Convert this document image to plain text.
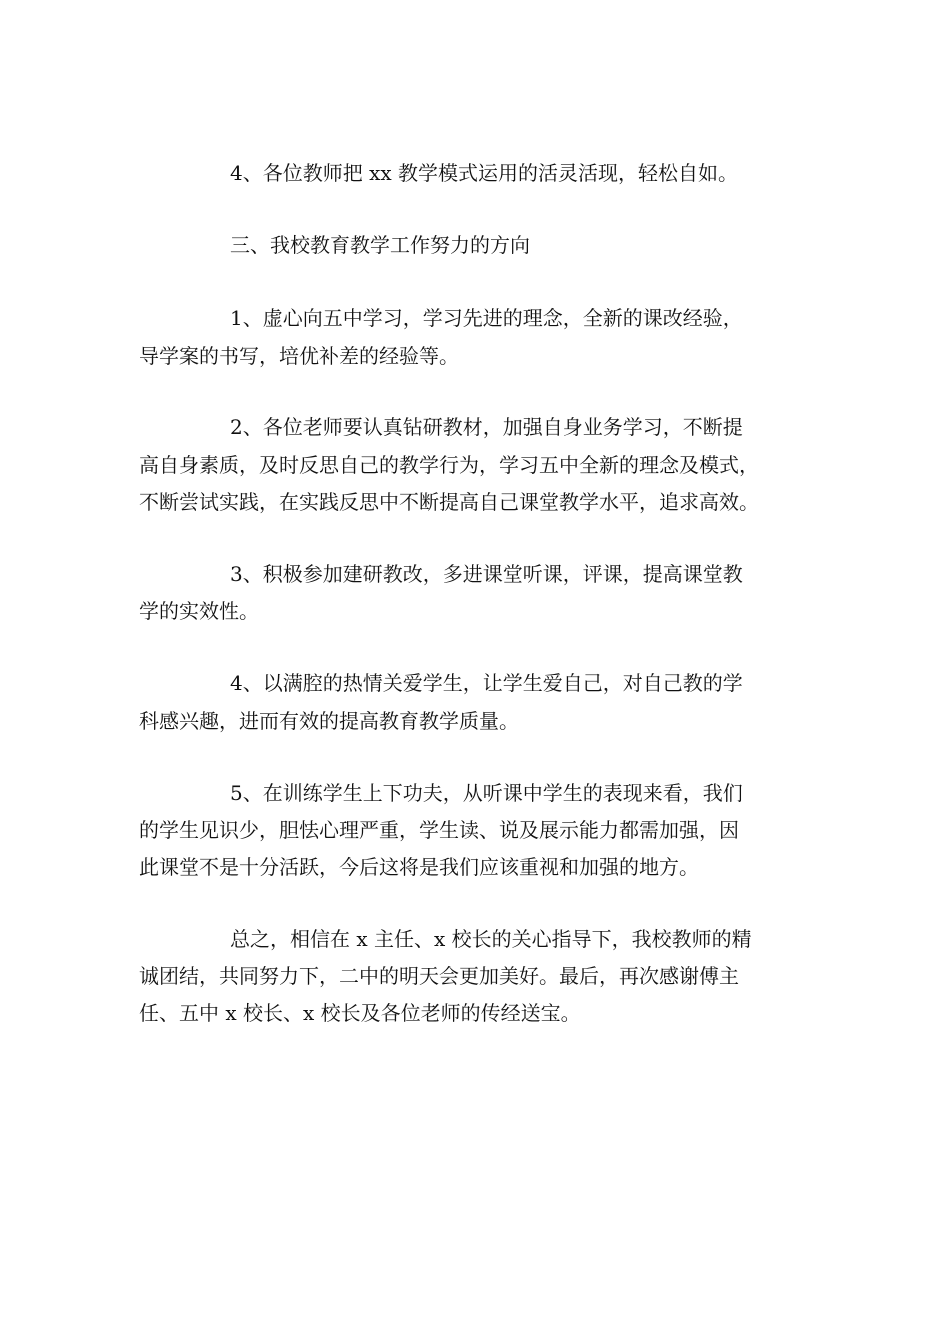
4、各位教师把 xx 教学模式运用的活灵活现，轻松自如。

三、我校教育教学工作努力的方向

1、虚心向五中学习，学习先进的理念，全新的课改经验，

导学案的书写，培优补差的经验等。

2、各位老师要认真钻研教材，加强自身业务学习，不断提

高自身素质，及时反思自己的教学行为，学习五中全新的理念及模式，

不断尝试实践，在实践反思中不断提高自己课堂教学水平，追求高效。

3、积极参加建研教改，多进课堂听课，评课，提高课堂教

学的实效性。

4、以满腔的热情关爱学生，让学生爱自己，对自己教的学

科感兴趣，进而有效的提高教育教学质量。

5、在训练学生上下功夫，从听课中学生的表现来看，我们

的学生见识少，胆怯心理严重，学生读、说及展示能力都需加强，因

此课堂不是十分活跃，今后这将是我们应该重视和加强的地方。

总之，相信在 x 主任、x 校长的关心指导下，我校教师的精

诚团结，共同努力下，二中的明天会更加美好。最后，再次感谢傅主

任、五中 x 校长、x 校长及各位老师的传经送宝。
